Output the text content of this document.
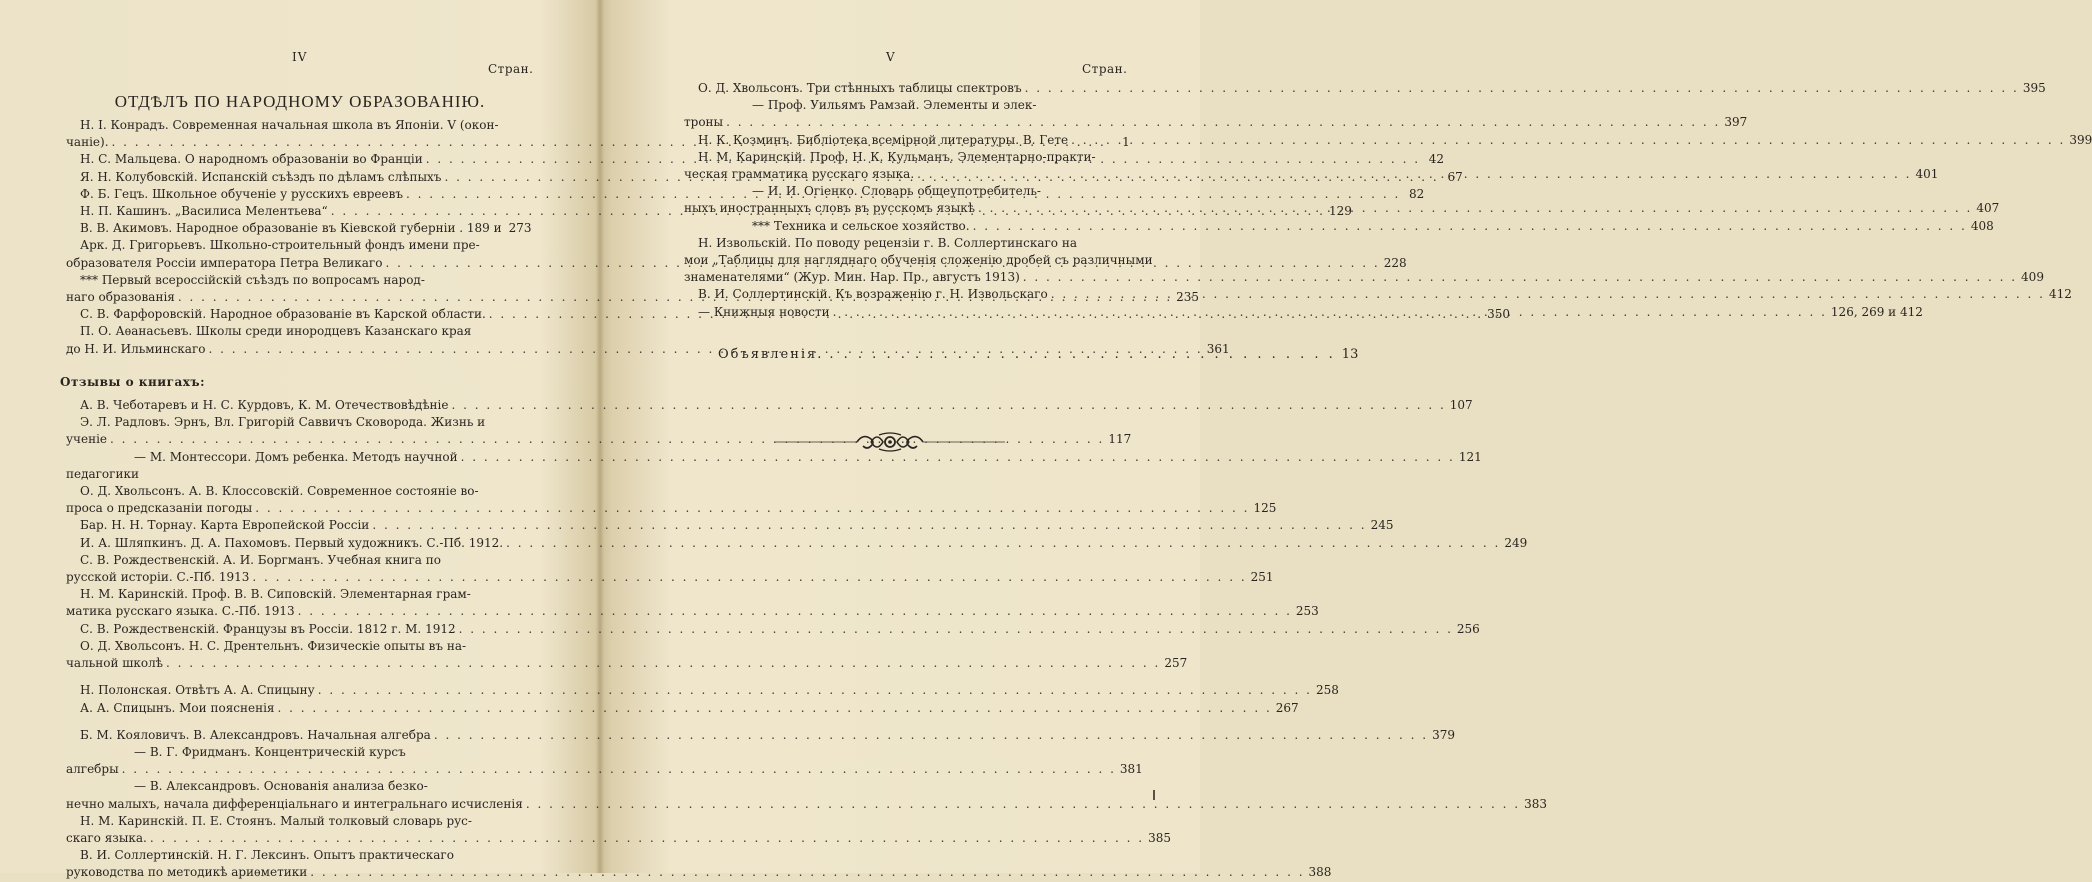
IV
Стран.
ОТДѢЛЪ ПО НАРОДНОМУ ОБРАЗОВАНІЮ.
Н. І. Конрадъ. Современная начальная школа въ Японіи. V (окон-
чаніе). . . .	1
Н. С. Мальцева. О народномъ образованіи во Франціи . . .	42
Я. Н. Колубовскій. Испанскій съѣздъ по дѣламъ слѣпыхъ . . .	67
Ф. Б. Гецъ. Школьное обученіе у русскихъ евреевъ . . .	82
Н. П. Кашинъ. „Василиса Мелентьева“ . . .	129
В. В. Акимовъ. Народное образованіе въ Кіевской губерніи . 189 и 273
Арк. Д. Григорьевъ. Школьно-строительный фондъ имени пре-
образователя Россіи императора Петра Великаго . . .	228
*** Первый всероссійскій съѣздъ по вопросамъ народ-
наго образованія . . .	235
С. В. Фарфоровскій. Народное образованіе въ Карской области. . . .	350
П. О. Аѳанасьевъ. Школы среди инородцевъ Казанскаго края
до Н. И. Ильминскаго . . .	361
Отзывы о книгахъ:
А. В. Чеботаревъ и Н. С. Курдовъ, К. М. Отечествовѣдѣніе . . .	107
Э. Л. Радловъ. Эрнъ, Вл. Григорій Саввичъ Сковорода. Жизнь и
ученіе . . .	117
— М. Монтессори. Домъ ребенка. Методъ научной . . .	121
педагогики
О. Д. Хвольсонъ. А. В. Клоссовскій. Современное состояніе во-
проса о предсказаніи погоды . . .	125
Бар. Н. Н. Торнау. Карта Европейской Россіи . . .	245
И. А. Шляпкинъ. Д. А. Пахомовъ. Первый художникъ. С.-Пб. 1912. . . .	249
С. В. Рождественскій. А. И. Боргманъ. Учебная книга по
русской исторіи. С.-Пб. 1913 . . .	251
Н. М. Каринскій. Проф. В. В. Сиповскій. Элементарная грам-
матика русскаго языка. С.-Пб. 1913 . . .	253
С. В. Рождественскій. Французы въ Россіи. 1812 г. М. 1912 . . .	256
О. Д. Хвольсонъ. Н. С. Дрентельнъ. Физическіе опыты въ на-
чальной школѣ . . .	257
Н. Полонская. Отвѣтъ А. А. Спицыну . . .	258
А. А. Спицынъ. Мои поясненія . . .	267
Б. М. Кояловичъ. В. Александровъ. Начальная алгебра . . .	379
— В. Г. Фридманъ. Концентрическій курсъ
алгебры . . .	381
— В. Александровъ. Основанія анализа безко-
нечно малыхъ, начала дифференціальнаго и интегральнаго исчисленія . . .	383
Н. М. Каринскій. П. Е. Стоянъ. Малый толковый словарь рус-
скаго языка. . . .	385
В. И. Соллертинскій. Н. Г. Лексинъ. Опытъ практическаго
руководства по методикѣ ариѳметики . . .	388
V
Стран.
О. Д. Хвольсонъ. Три стѣнныхъ таблицы спектровъ . . .	395
— Проф. Уильямъ Рамзай. Элементы и элек-
троны . . .	397
Н. К. Козминъ. Библіотека всемірной литературы. В. Гете . . .	399
Н. М. Каринскій. Проф. Н. К. Кульманъ. Элементарно-практи-
ческая грамматика русскаго языка. . . .	401
— И. И. Огіенко. Словарь общеупотребитель-
ныхъ иностранныхъ словъ въ русскомъ языкѣ . . .	407
*** Техника и сельское хозяйство. . . .	408
Н. Извольскій. По поводу рецензіи г. В. Соллертинскаго на
мои „Таблицы для нагляднаго обученія сложенію дробей съ различными
знаменателями“ (Жур. Мин. Нар. Пр., августъ 1913) . . .	409
В. И. Соллертинскій. Къ возраженію г. Н. Извольскаго . . .	412
— Книжныя новости . . .	126, 269 и 412
Объявленія. . . .	13
